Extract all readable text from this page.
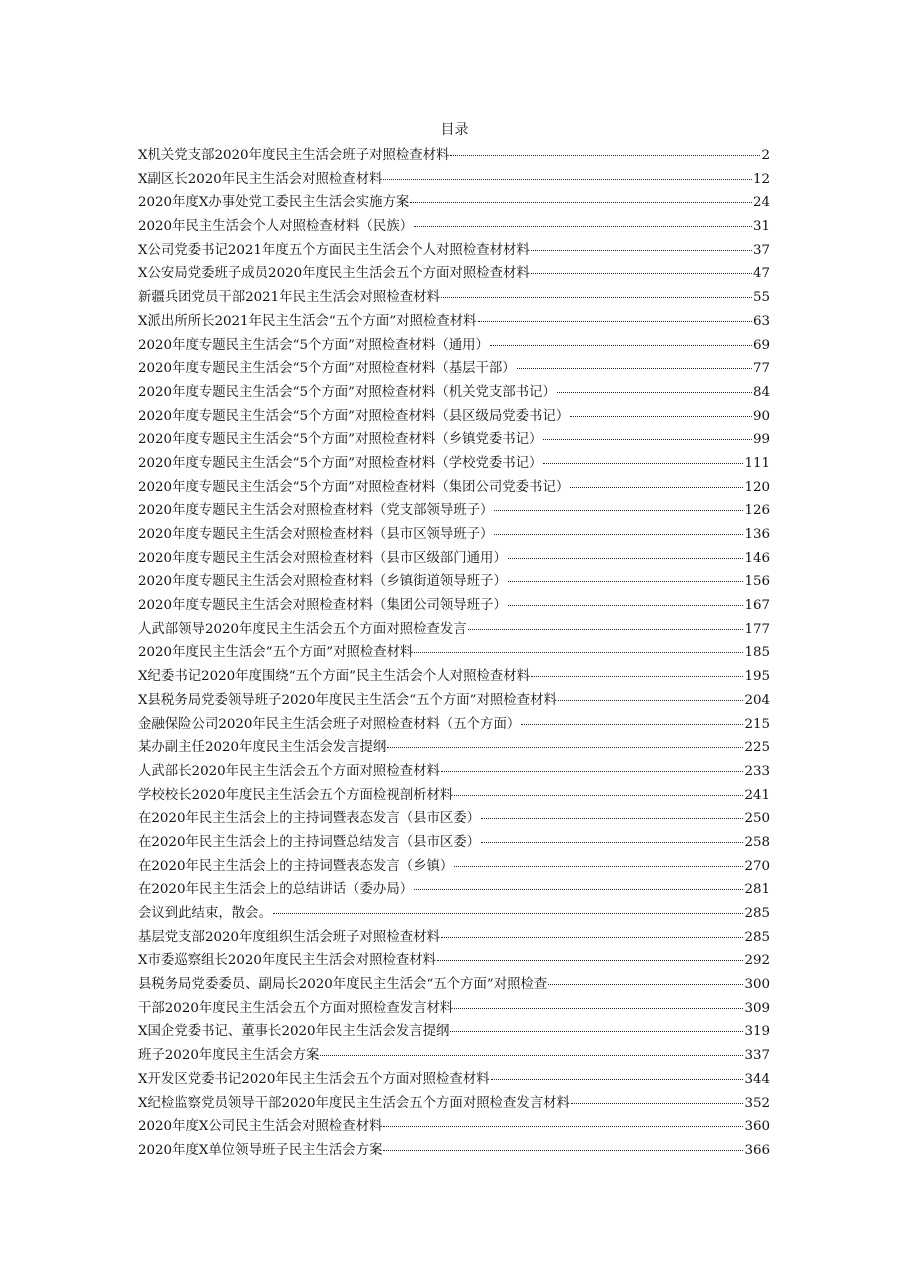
目录
X机关党支部2020年度民主生活会班子对照检查材料	2
X副区长2020年民主生活会对照检查材料	12
2020年度X办事处党工委民主生活会实施方案	24
2020年民主生活会个人对照检查材料（民族）	31
X公司党委书记2021年度五个方面民主生活会个人对照检查材材料	37
X公安局党委班子成员2020年度民主生活会五个方面对照检查材料	47
新疆兵团党员干部2021年民主生活会对照检查材料	55
X派出所所长2021年民主生活会“五个方面”对照检查材料	63
2020年度专题民主生活会“5个方面”对照检查材料（通用）	69
2020年度专题民主生活会“5个方面”对照检查材料（基层干部）	77
2020年度专题民主生活会“5个方面”对照检查材料（机关党支部书记）	84
2020年度专题民主生活会“5个方面”对照检查材料（县区级局党委书记）	90
2020年度专题民主生活会“5个方面”对照检查材料（乡镇党委书记）	99
2020年度专题民主生活会“5个方面”对照检查材料（学校党委书记）	111
2020年度专题民主生活会“5个方面”对照检查材料（集团公司党委书记）	120
2020年度专题民主生活会对照检查材料（党支部领导班子）	126
2020年度专题民主生活会对照检查材料（县市区领导班子）	136
2020年度专题民主生活会对照检查材料（县市区级部门通用）	146
2020年度专题民主生活会对照检查材料（乡镇街道领导班子）	156
2020年度专题民主生活会对照检查材料（集团公司领导班子）	167
人武部领导2020年度民主生活会五个方面对照检查发言	177
2020年度民主生活会“五个方面”对照检查材料	185
X纪委书记2020年度围绕“五个方面”民主生活会个人对照检查材料	195
X县税务局党委领导班子2020年度民主生活会“五个方面”对照检查材料	204
金融保险公司2020年民主生活会班子对照检查材料（五个方面）	215
某办副主任2020年度民主生活会发言提纲	225
人武部长2020年民主生活会五个方面对照检查材料	233
学校校长2020年度民主生活会五个方面检视剖析材料	241
在2020年民主生活会上的主持词暨表态发言（县市区委）	250
在2020年民主生活会上的主持词暨总结发言（县市区委）	258
在2020年民主生活会上的主持词暨表态发言（乡镇）	270
在2020年民主生活会上的总结讲话（委办局）	281
会议到此结束，散会。	285
基层党支部2020年度组织生活会班子对照检查材料	285
X市委巡察组长2020年度民主生活会对照检查材料	292
县税务局党委委员、副局长2020年度民主生活会“五个方面”对照检查	300
干部2020年度民主生活会五个方面对照检查发言材料	309
X国企党委书记、董事长2020年民主生活会发言提纲	319
班子2020年度民主生活会方案	337
X开发区党委书记2020年民主生活会五个方面对照检查材料	344
X纪检监察党员领导干部2020年度民主生活会五个方面对照检查发言材料	352
2020年度X公司民主生活会对照检查材料	360
2020年度X单位领导班子民主生活会方案	366
